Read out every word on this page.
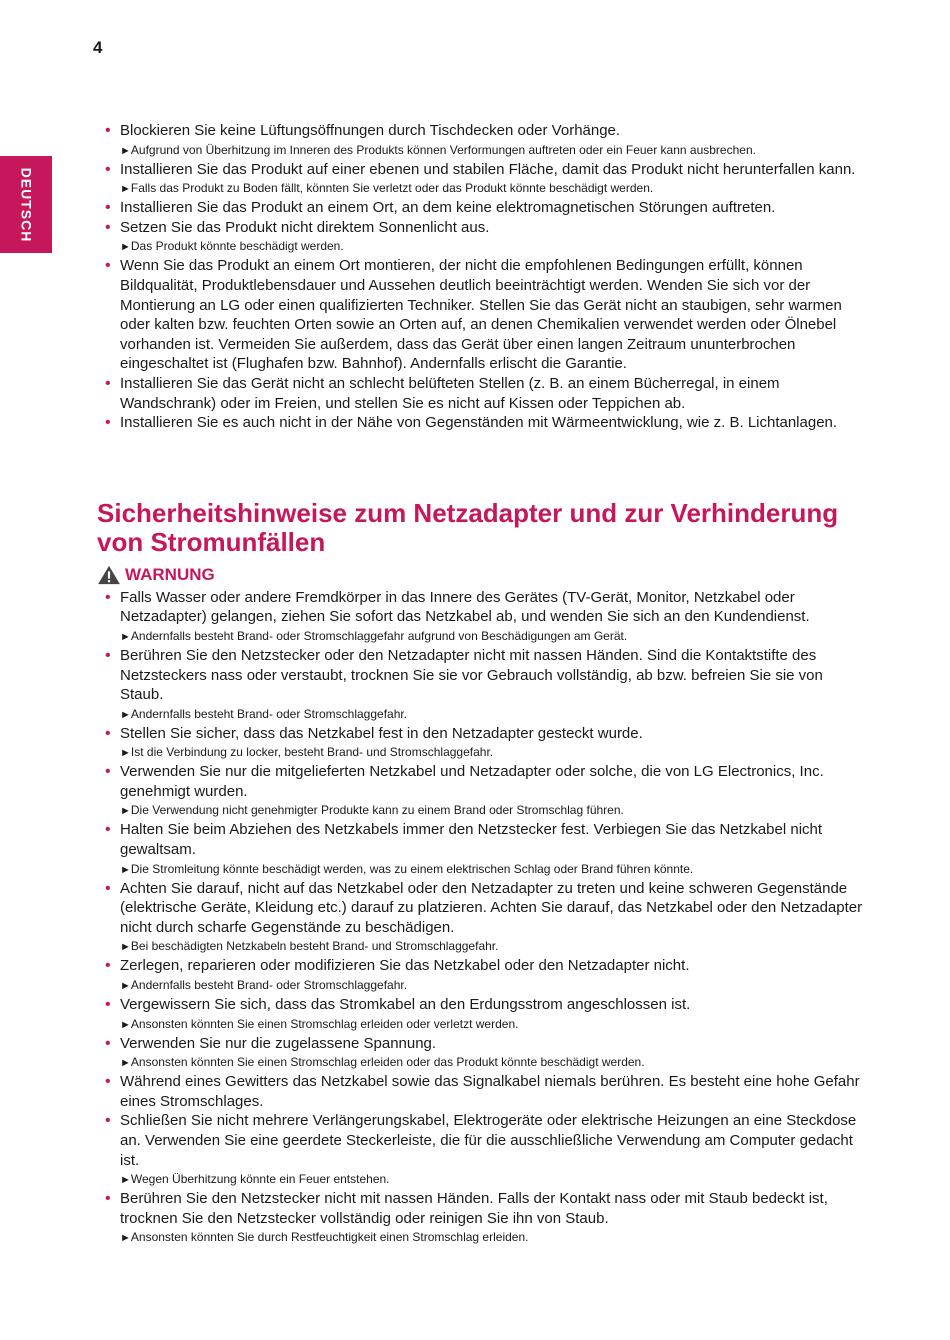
4
DEUTSCH
• Blockieren Sie keine Lüftungsöffnungen durch Tischdecken oder Vorhänge.
► Aufgrund von Überhitzung im Inneren des Produkts können Verformungen auftreten oder ein Feuer kann ausbrechen.
• Installieren Sie das Produkt auf einer ebenen und stabilen Fläche, damit das Produkt nicht herunterfallen kann.
► Falls das Produkt zu Boden fällt, könnten Sie verletzt oder das Produkt könnte beschädigt werden.
• Installieren Sie das Produkt an einem Ort, an dem keine elektromagnetischen Störungen auftreten.
• Setzen Sie das Produkt nicht direktem Sonnenlicht aus.
► Das Produkt könnte beschädigt werden.
• Wenn Sie das Produkt an einem Ort montieren, der nicht die empfohlenen Bedingungen erfüllt, können Bildqualität, Produktlebensdauer und Aussehen deutlich beeinträchtigt werden. Wenden Sie sich vor der Montierung an LG oder einen qualifizierten Techniker. Stellen Sie das Gerät nicht an staubigen, sehr warmen oder kalten bzw. feuchten Orten sowie an Orten auf, an denen Chemikalien verwendet werden oder Ölnebel vorhanden ist. Vermeiden Sie außerdem, dass das Gerät über einen langen Zeitraum ununterbrochen eingeschaltet ist (Flughafen bzw. Bahnhof). Andernfalls erlischt die Garantie.
• Installieren Sie das Gerät nicht an schlecht belüfteten Stellen (z. B. an einem Bücherregal, in einem Wandschrank) oder im Freien, und stellen Sie es nicht auf Kissen oder Teppichen ab.
• Installieren Sie es auch nicht in der Nähe von Gegenständen mit Wärmeentwicklung, wie z. B. Lichtanlagen.
Sicherheitshinweise zum Netzadapter und zur Verhinderung von Stromunfällen
WARNUNG
• Falls Wasser oder andere Fremdkörper in das Innere des Gerätes (TV-Gerät, Monitor, Netzkabel oder Netzadapter) gelangen, ziehen Sie sofort das Netzkabel ab, und wenden Sie sich an den Kundendienst.
► Andernfalls besteht Brand- oder Stromschlaggefahr aufgrund von Beschädigungen am Gerät.
• Berühren Sie den Netzstecker oder den Netzadapter nicht mit nassen Händen. Sind die Kontaktstifte des Netzsteckers nass oder verstaubt, trocknen Sie sie vor Gebrauch vollständig, ab bzw. befreien Sie sie von Staub.
► Andernfalls besteht Brand- oder Stromschlaggefahr.
• Stellen Sie sicher, dass das Netzkabel fest in den Netzadapter gesteckt wurde.
► Ist die Verbindung zu locker, besteht Brand- und Stromschlaggefahr.
• Verwenden Sie nur die mitgelieferten Netzkabel und Netzadapter oder solche, die von LG Electronics, Inc. genehmigt wurden.
► Die Verwendung nicht genehmigter Produkte kann zu einem Brand oder Stromschlag führen.
• Halten Sie beim Abziehen des Netzkabels immer den Netzstecker fest. Verbiegen Sie das Netzkabel nicht gewaltsam.
► Die Stromleitung könnte beschädigt werden, was zu einem elektrischen Schlag oder Brand führen könnte.
• Achten Sie darauf, nicht auf das Netzkabel oder den Netzadapter zu treten und keine schweren Gegenstände (elektrische Geräte, Kleidung etc.) darauf zu platzieren. Achten Sie darauf, das Netzkabel oder den Netzadapter nicht durch scharfe Gegenstände zu beschädigen.
► Bei beschädigten Netzkabeln besteht Brand- und Stromschlaggefahr.
• Zerlegen, reparieren oder modifizieren Sie das Netzkabel oder den Netzadapter nicht.
► Andernfalls besteht Brand- oder Stromschlaggefahr.
• Vergewissern Sie sich, dass das Stromkabel an den Erdungsstrom angeschlossen ist.
► Ansonsten könnten Sie einen Stromschlag erleiden oder verletzt werden.
• Verwenden Sie nur die zugelassene Spannung.
► Ansonsten könnten Sie einen Stromschlag erleiden oder das Produkt könnte beschädigt werden.
• Während eines Gewitters das Netzkabel sowie das Signalkabel niemals berühren. Es besteht eine hohe Gefahr eines Stromschlages.
• Schließen Sie nicht mehrere Verlängerungskabel, Elektrogeräte oder elektrische Heizungen an eine Steckdose an. Verwenden Sie eine geerdete Steckerleiste, die für die ausschließliche Verwendung am Computer gedacht ist.
► Wegen Überhitzung könnte ein Feuer entstehen.
• Berühren Sie den Netzstecker nicht mit nassen Händen. Falls der Kontakt nass oder mit Staub bedeckt ist, trocknen Sie den Netzstecker vollständig oder reinigen Sie ihn von Staub.
► Ansonsten könnten Sie durch Restfeuchtigkeit einen Stromschlag erleiden.
